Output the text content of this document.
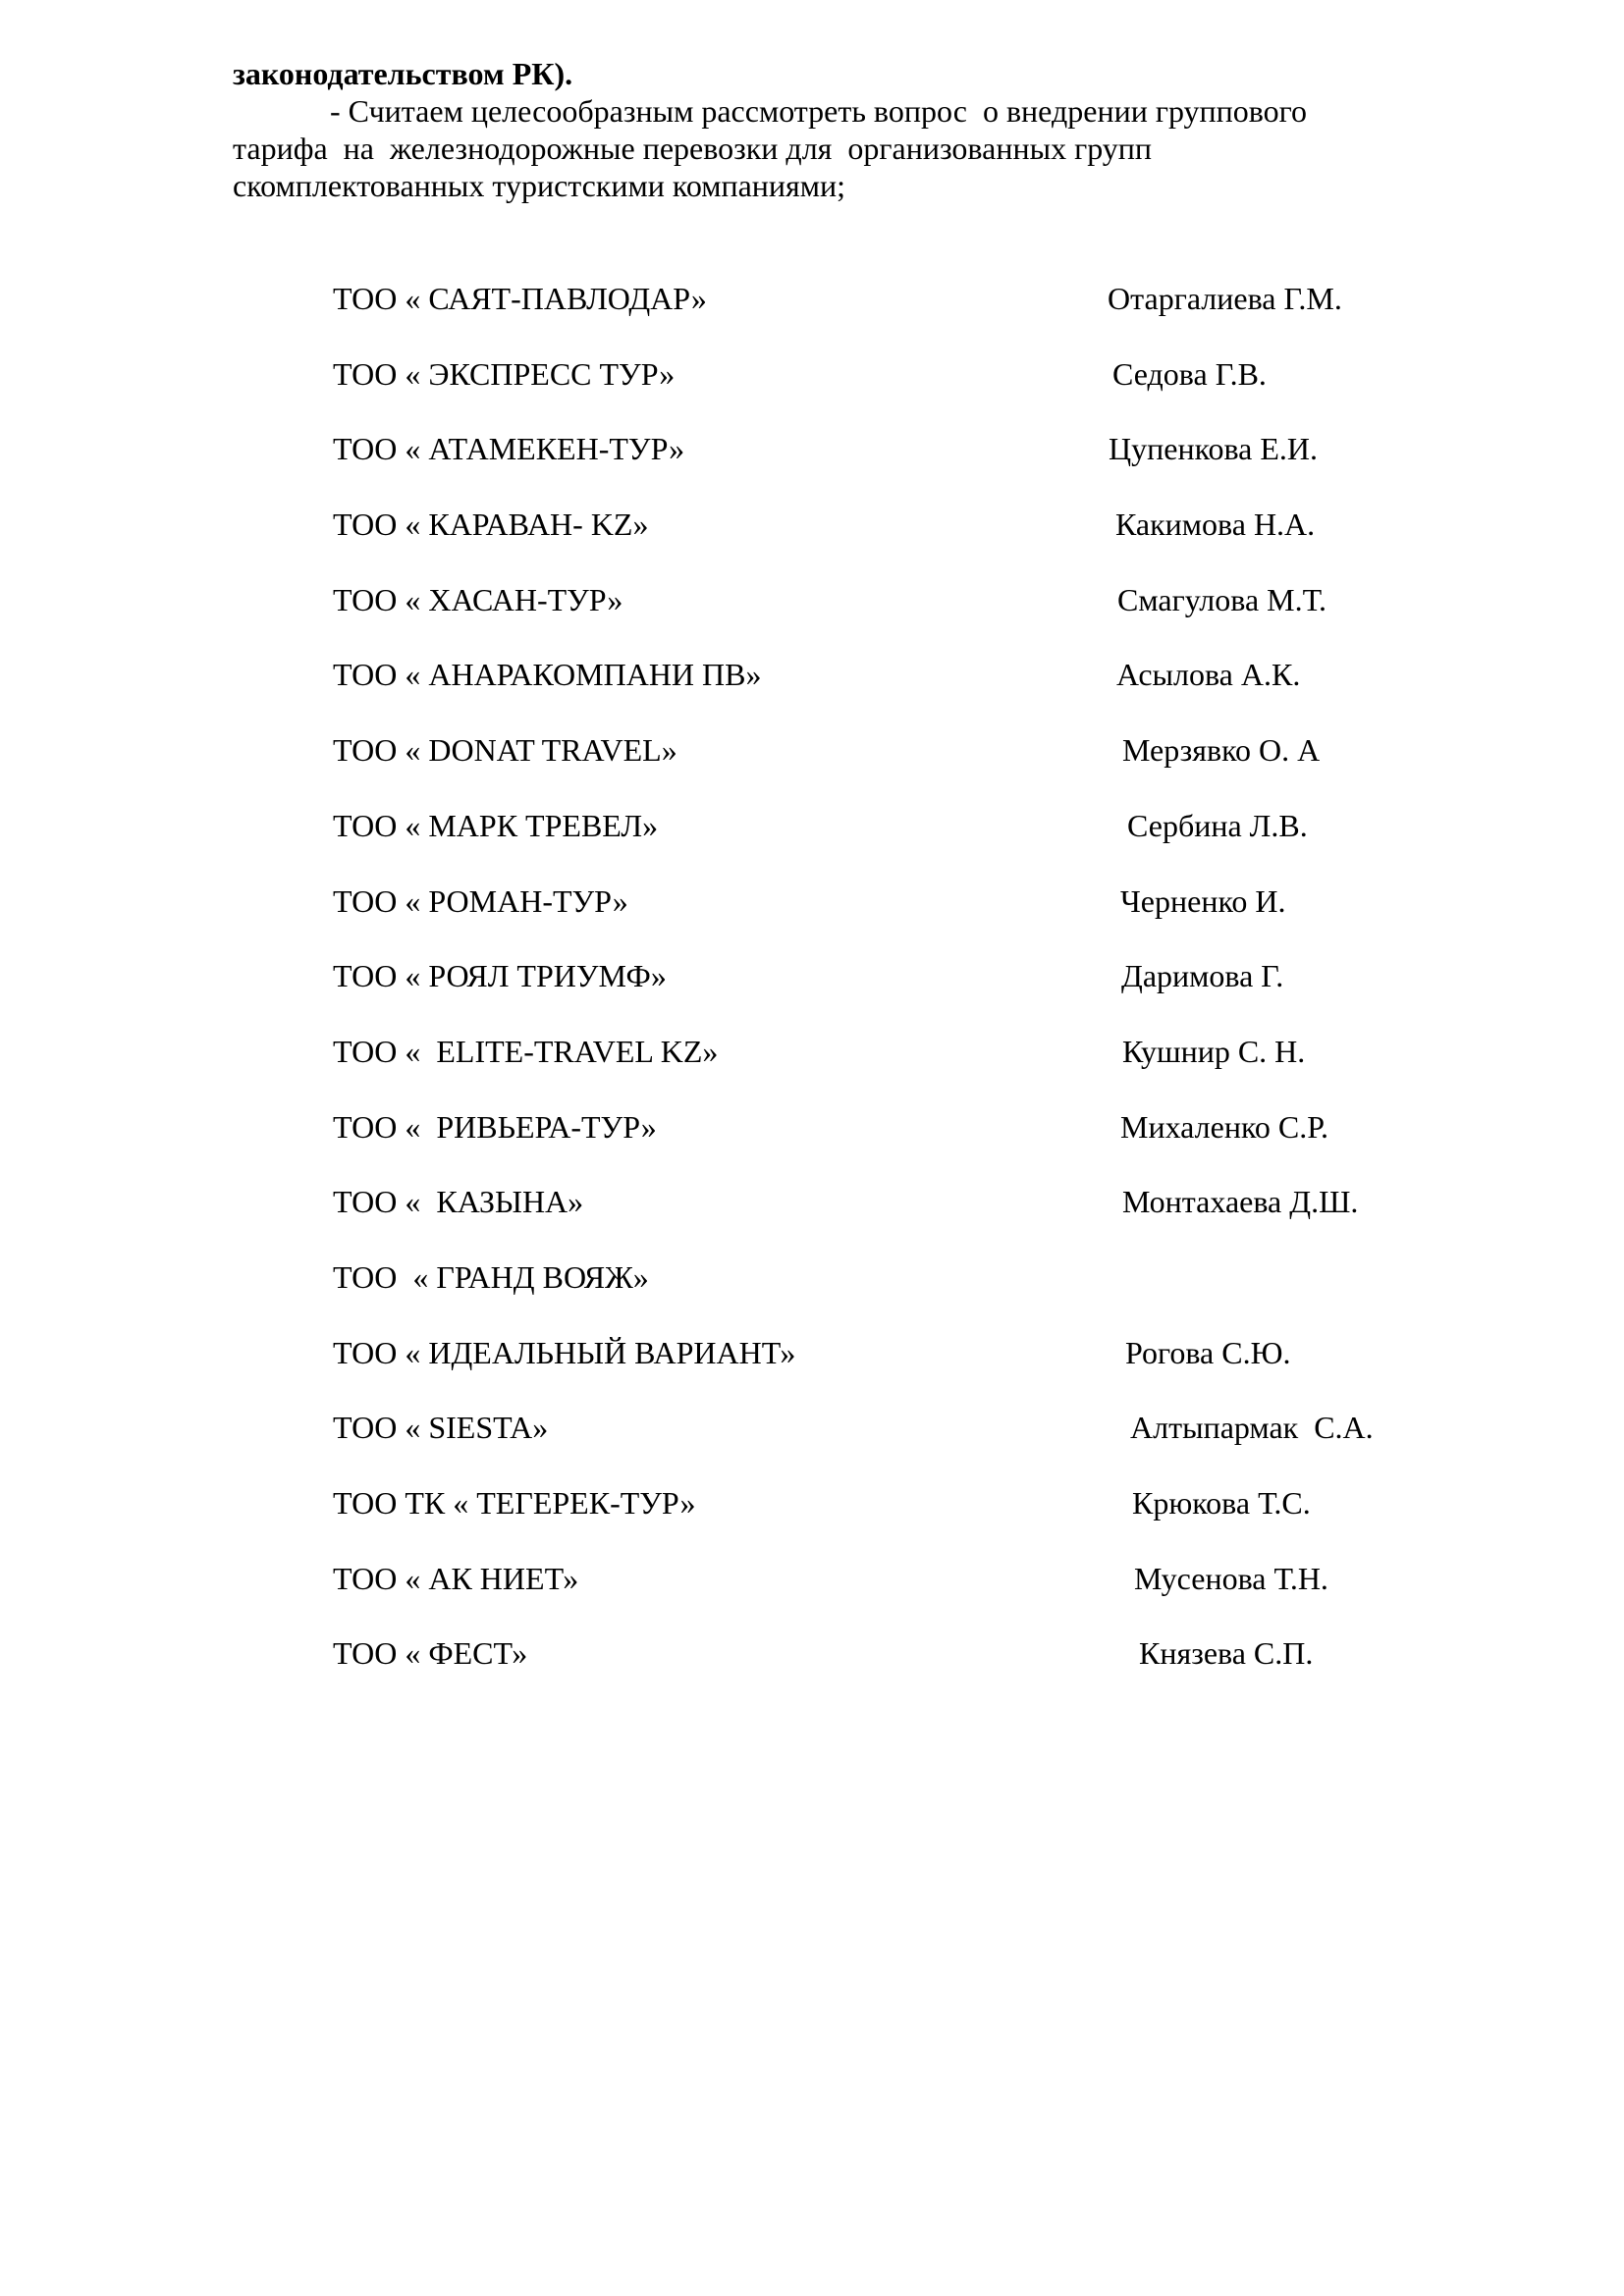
законодательством РК).
- Считаем целесообразным рассмотреть вопрос  о внедрении группового
тарифа  на  железнодорожные перевозки для  организованных групп
скомплектованных туристскими компаниями;
ТОО « САЯТ-ПАВЛОДАР»	Отаргалиева Г.М.
ТОО « ЭКСПРЕСС ТУР»	Седова Г.В.
ТОО « АТАМЕКЕН-ТУР»	Цупенкова Е.И.
ТОО « КАРАВАН- KZ»	Какимова Н.А.
ТОО « ХАСАН-ТУР»	Смагулова М.Т.
ТОО « АНАРАКОМПАНИ ПВ»	Асылова А.К.
ТОО « DONAT TRAVEL»	Мерзявко О. А
ТОО « МАРК ТРЕВЕЛ»	Сербина Л.В.
ТОО « РОМАН-ТУР»	Черненко И.
ТОО « РОЯЛ ТРИУМФ»	Даримова Г.
ТОО «  ELITE-TRAVEL KZ»	Кушнир С. Н.
ТОО «  РИВЬЕРА-ТУР»	Михаленко С.Р.
ТОО «  КАЗЫНА»	Монтахаева Д.Ш.
ТОО  « ГРАНД ВОЯЖ»
ТОО « ИДЕАЛЬНЫЙ ВАРИАНТ»	Рогова С.Ю.
ТОО « SIESTA»	Алтыпармак  С.А.
ТОО ТК « ТЕГЕРЕК-ТУР»	Крюкова Т.С.
ТОО « АК НИЕТ»	Мусенова Т.Н.
ТОО « ФЕСТ»	Князева С.П.
